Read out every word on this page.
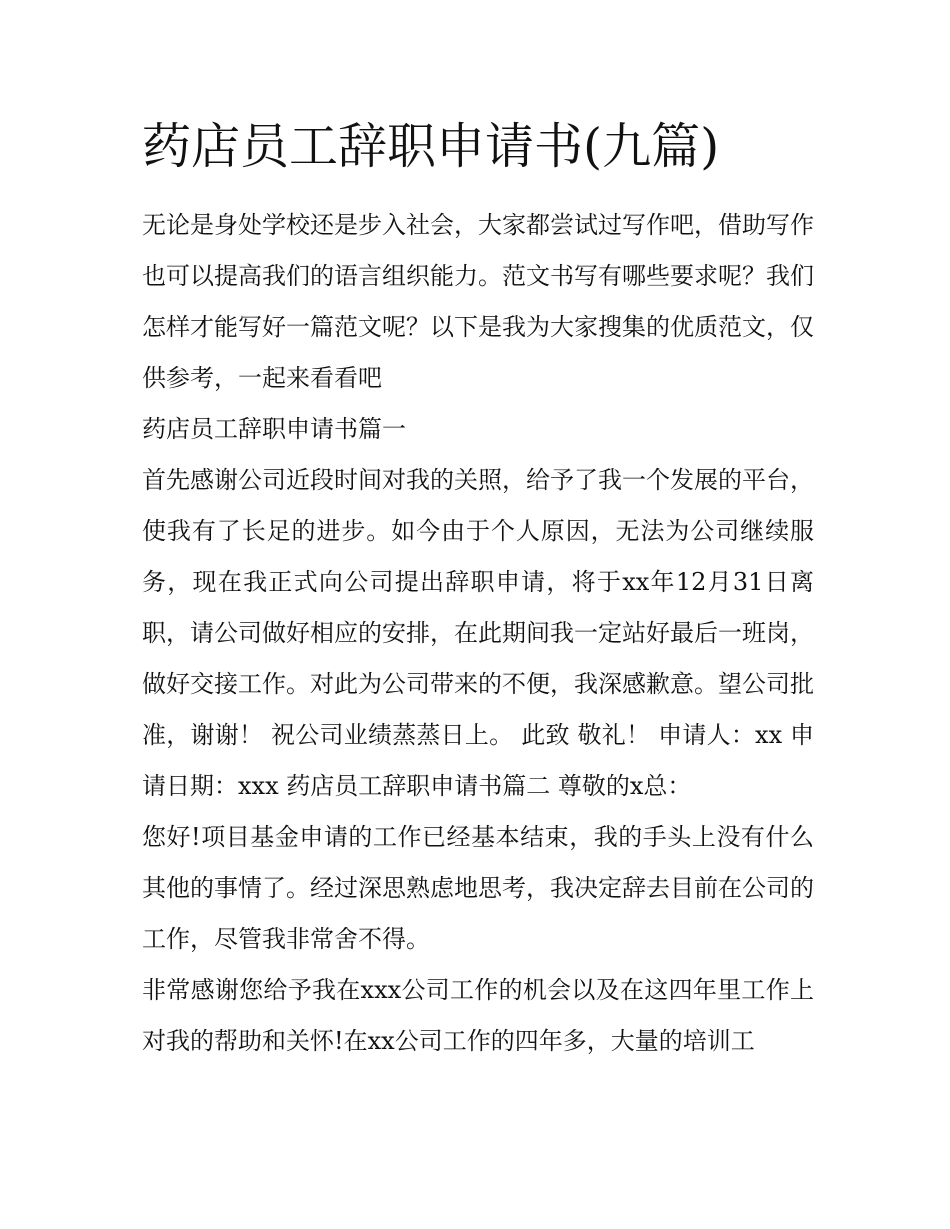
药店员工辞职申请书(九篇)

无论是身处学校还是步入社会，大家都尝试过写作吧，借助写作也可以提高我们的语言组织能力。范文书写有哪些要求呢？我们怎样才能写好一篇范文呢？以下是我为大家搜集的优质范文，仅供参考，一起来看看吧

药店员工辞职申请书篇一

首先感谢公司近段时间对我的关照，给予了我一个发展的平台，使我有了长足的进步。如今由于个人原因，无法为公司继续服务，现在我正式向公司提出辞职申请，将于xx年12月31日离职，请公司做好相应的安排，在此期间我一定站好最后一班岗，做好交接工作。对此为公司带来的不便，我深感歉意。望公司批准，谢谢！ 祝公司业绩蒸蒸日上。 此致 敬礼！ 申请人：xx 申请日期：xxx 药店员工辞职申请书篇二 尊敬的x总：

您好!项目基金申请的工作已经基本结束，我的手头上没有什么其他的事情了。经过深思熟虑地思考，我决定辞去目前在公司的工作，尽管我非常舍不得。

非常感谢您给予我在xxx公司工作的机会以及在这四年里工作上对我的帮助和关怀!在xx公司工作的四年多，大量的培训工
